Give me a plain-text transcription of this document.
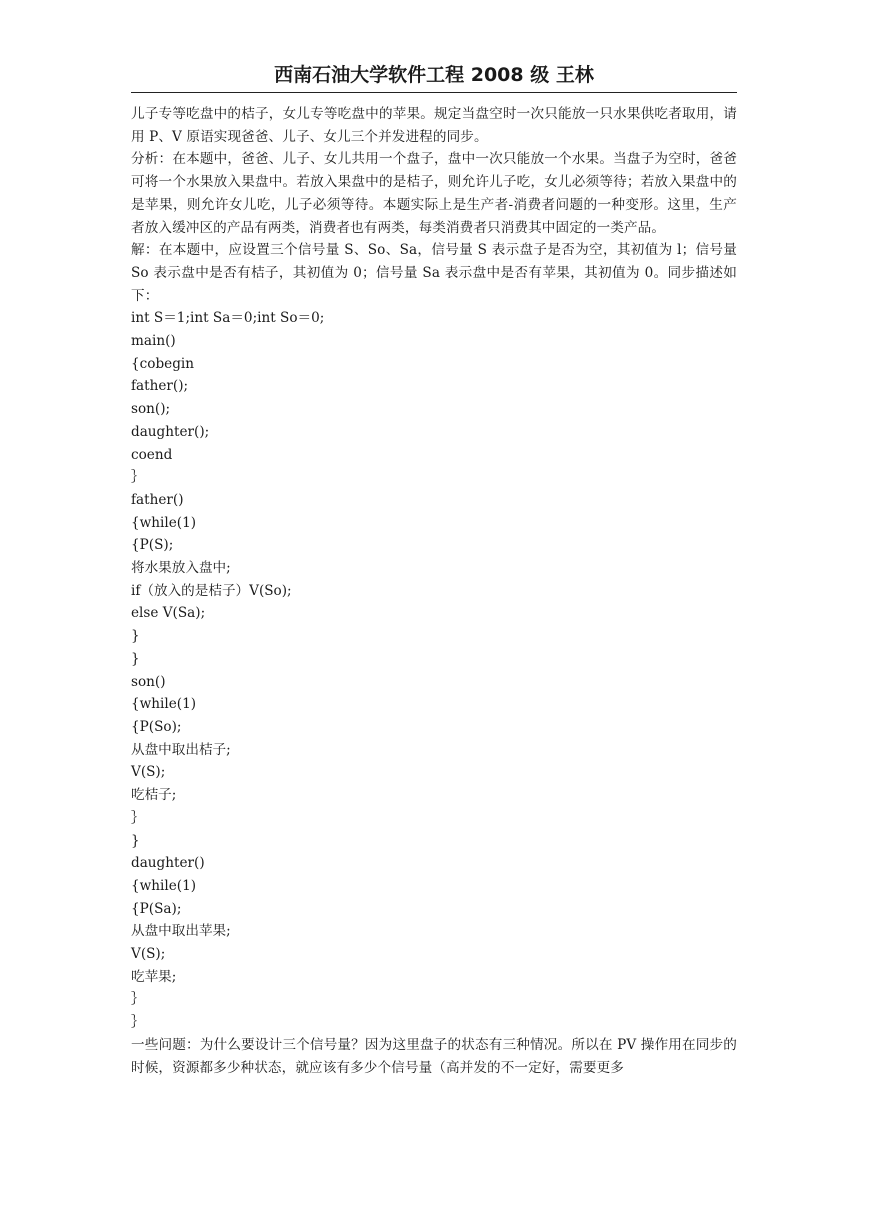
西南石油大学软件工程 2008 级 王林

儿子专等吃盘中的桔子，女儿专等吃盘中的苹果。规定当盘空时一次只能放一只水果供吃者取用，请用 P、V 原语实现爸爸、儿子、女儿三个并发进程的同步。

分析：在本题中，爸爸、儿子、女儿共用一个盘子，盘中一次只能放一个水果。当盘子为空时，爸爸可将一个水果放入果盘中。若放入果盘中的是桔子，则允许儿子吃，女儿必须等待；若放入果盘中的是苹果，则允许女儿吃，儿子必须等待。本题实际上是生产者-消费者问题的一种变形。这里，生产者放入缓冲区的产品有两类，消费者也有两类，每类消费者只消费其中固定的一类产品。

解：在本题中，应设置三个信号量 S、So、Sa，信号量 S 表示盘子是否为空，其初值为 l；信号量 So 表示盘中是否有桔子，其初值为 0；信号量 Sa 表示盘中是否有苹果，其初值为 0。同步描述如下：

int S＝1;int Sa＝0;int So＝0;

main()

{cobegin

father();

son();

daughter();

coend

｝

father()

{while(1)

{P(S);

将水果放入盘中;

if（放入的是桔子）V(So);

else V(Sa);

}

}

son()

{while(1)

{P(So);

从盘中取出桔子;

V(S);

吃桔子;

｝

}

daughter()

{while(1)

{P(Sa);

从盘中取出苹果;

V(S);

吃苹果;

｝

｝

一些问题：为什么要设计三个信号量？因为这里盘子的状态有三种情况。所以在 PV 操作用在同步的时候，资源都多少种状态，就应该有多少个信号量（高并发的不一定好，需要更多
